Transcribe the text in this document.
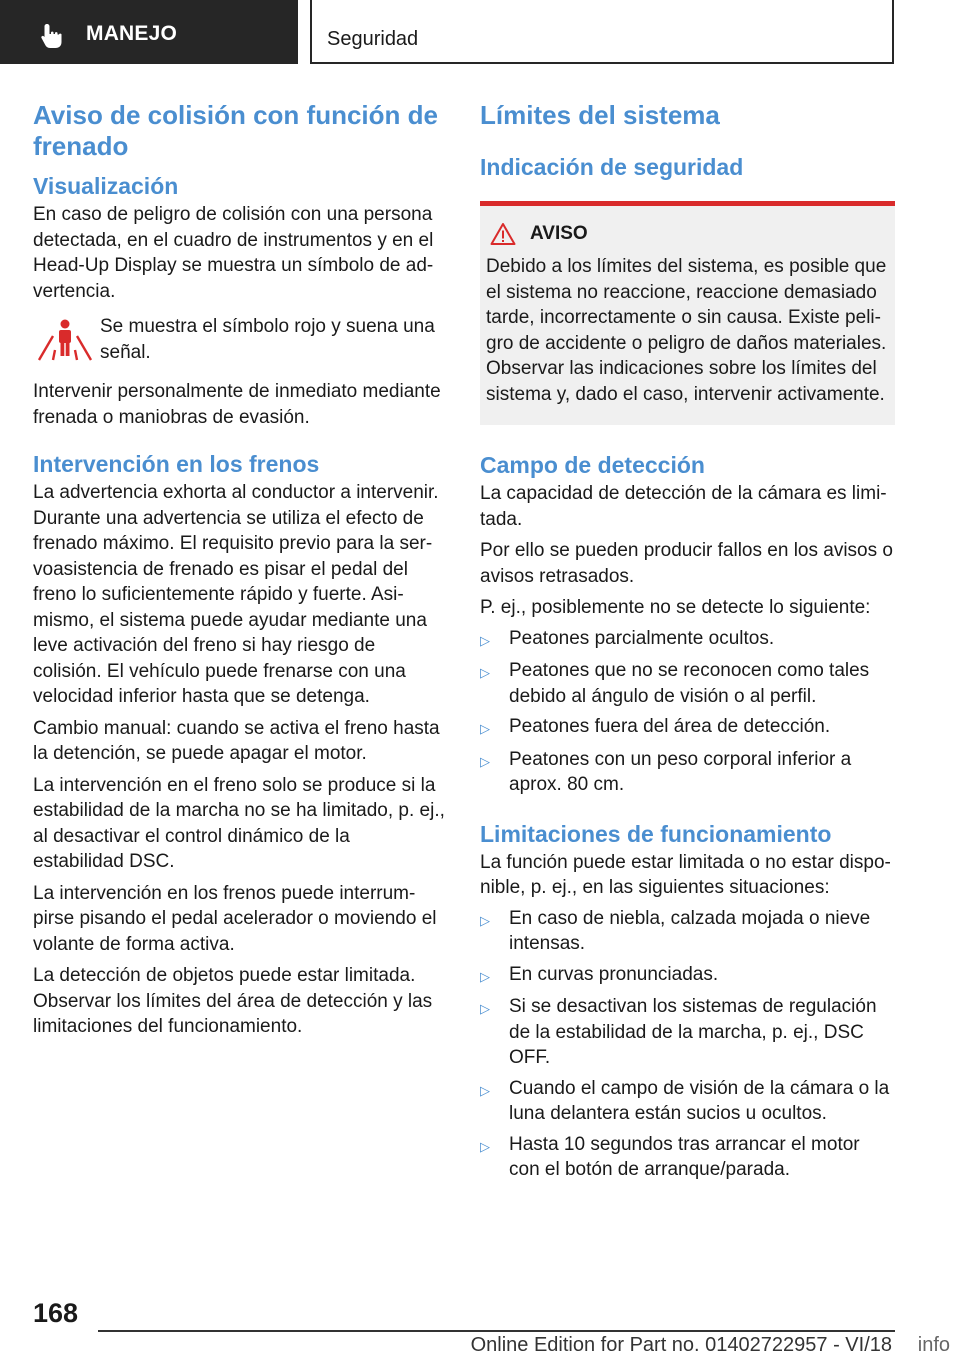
MANEJO	Seguridad
Aviso de colisión con función de frenado
Visualización

En caso de peligro de colisión con una persona detectada, en el cuadro de instrumentos y en el Head-Up Display se muestra un símbolo de advertencia.

Se muestra el símbolo rojo y suena una señal.

Intervenir personalmente de inmediato mediante frenada o maniobras de evasión.

Intervención en los frenos

La advertencia exhorta al conductor a intervenir. Durante una advertencia se utiliza el efecto de frenado máximo. El requisito previo para la servoasistencia de frenado es pisar el pedal del freno lo suficientemente rápido y fuerte. Asimismo, el sistema puede ayudar mediante una leve activación del freno si hay riesgo de colisión. El vehículo puede frenarse con una velocidad inferior hasta que se detenga.

Cambio manual: cuando se activa el freno hasta la detención, se puede apagar el motor.

La intervención en el freno solo se produce si la estabilidad de la marcha no se ha limitado, p. ej., al desactivar el control dinámico de la estabilidad DSC.

La intervención en los frenos puede interrumpirse pisando el pedal acelerador o moviendo el volante de forma activa.

La detección de objetos puede estar limitada. Observar los límites del área de detección y las limitaciones del funcionamiento.

Límites del sistema
Indicación de seguridad
AVISO

Debido a los límites del sistema, es posible que el sistema no reaccione, reaccione demasiado tarde, incorrectamente o sin causa. Existe peligro de accidente o peligro de daños materiales. Observar las indicaciones sobre los límites del sistema y, dado el caso, intervenir activamente.

Campo de detección

La capacidad de detección de la cámara es limitada.

Por ello se pueden producir fallos en los avisos o avisos retrasados.

P. ej., posiblemente no se detecte lo siguiente:

▷	Peatones parcialmente ocultos.
▷	Peatones que no se reconocen como tales debido al ángulo de visión o al perfil.
▷	Peatones fuera del área de detección.
▷	Peatones con un peso corporal inferior a aprox. 80 cm.
Limitaciones de funcionamiento

La función puede estar limitada o no estar disponible, p. ej., en las siguientes situaciones:

▷	En caso de niebla, calzada mojada o nieve intensas.
▷	En curvas pronunciadas.
▷	Si se desactivan los sistemas de regulación de la estabilidad de la marcha, p. ej., DSC OFF.
▷	Cuando el campo de visión de la cámara o la luna delantera están sucios u ocultos.
▷	Hasta 10 segundos tras arrancar el motor con el botón de arranque/parada.
168
Online Edition for Part no. 01402722957 - VI/18 info
